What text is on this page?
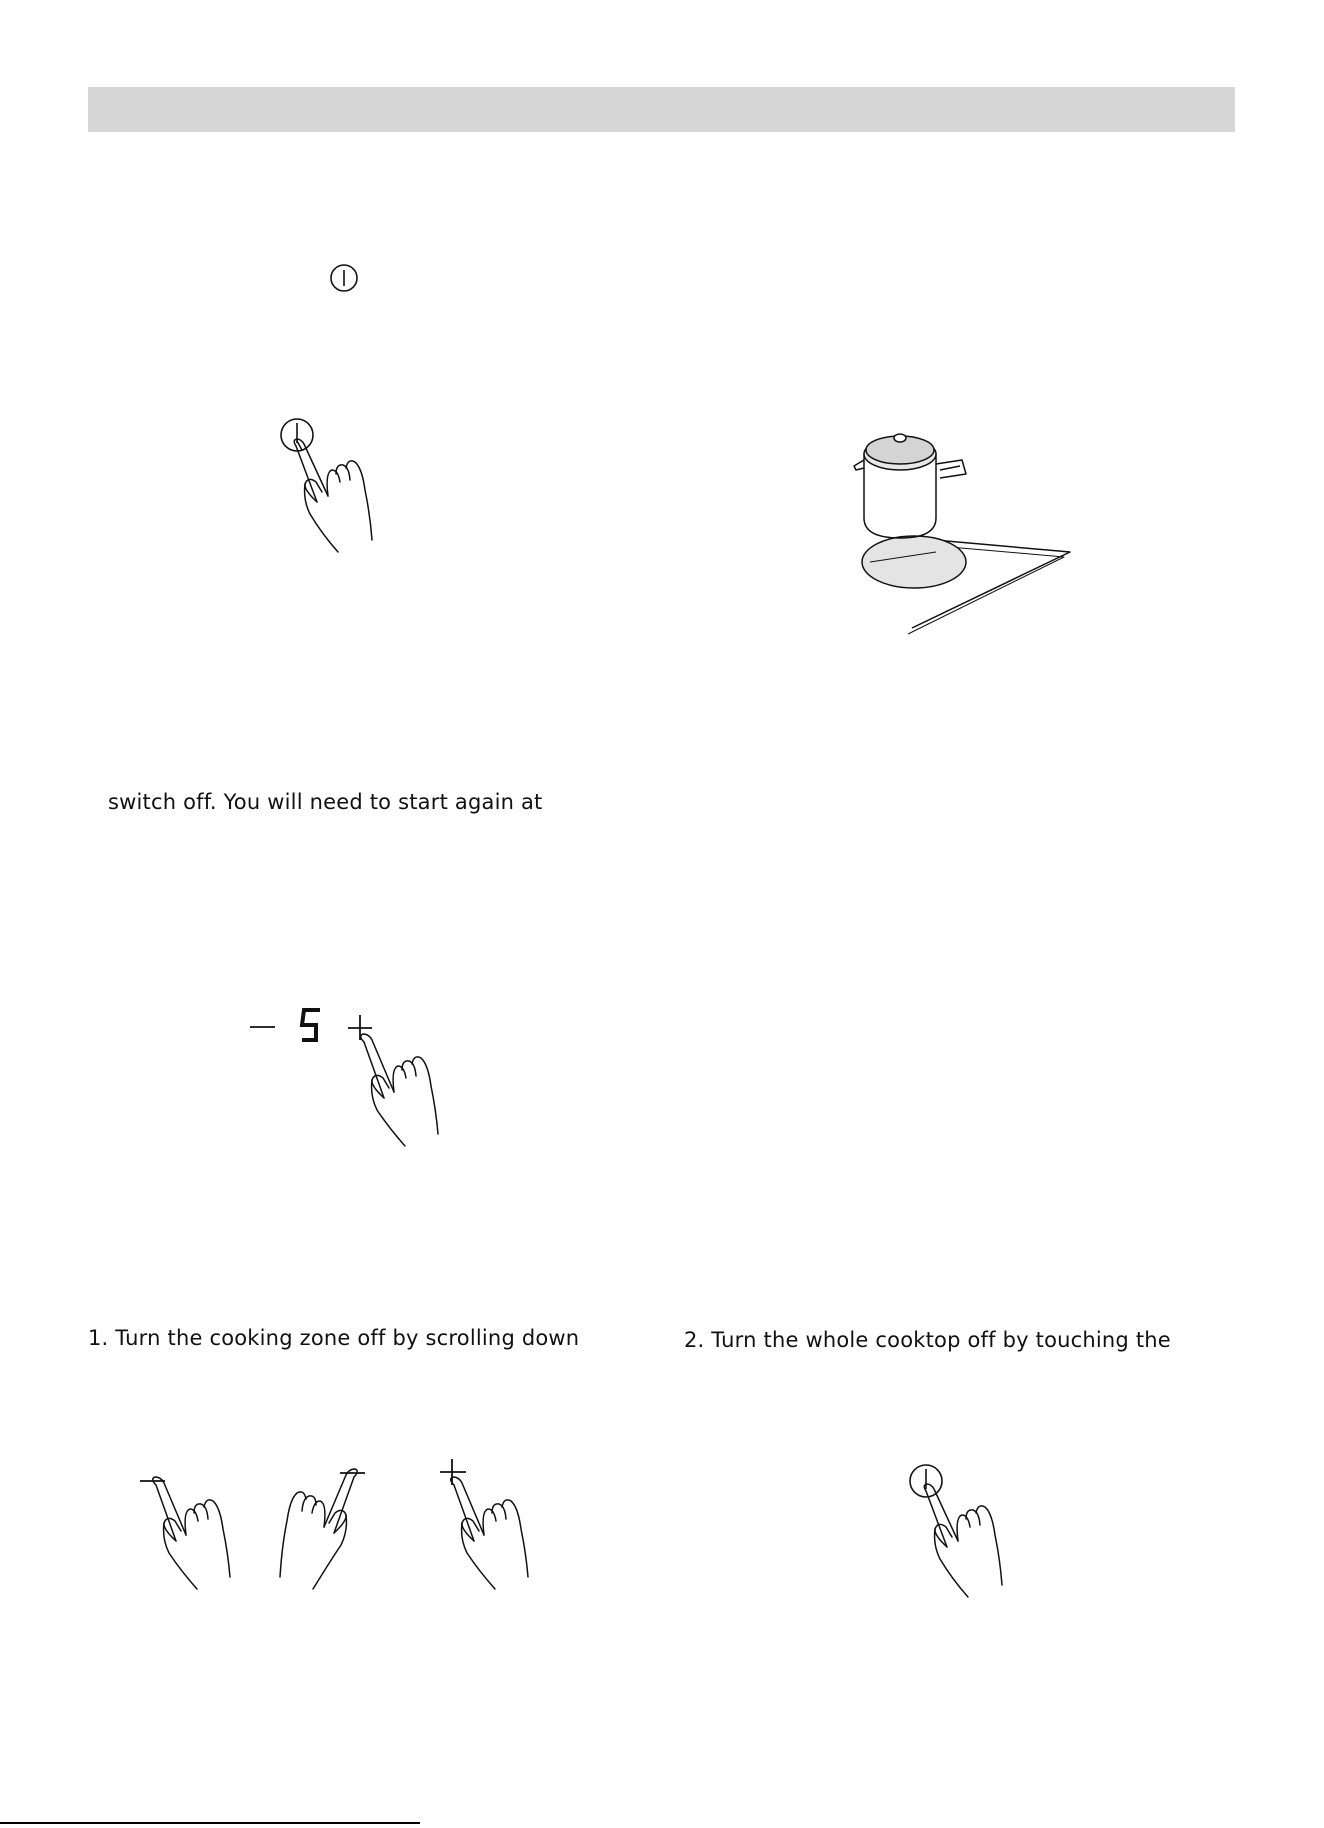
switch off. You will need to start again at
1. Turn the cooking zone off by scrolling down	2. Turn the whole cooktop off by touching the
